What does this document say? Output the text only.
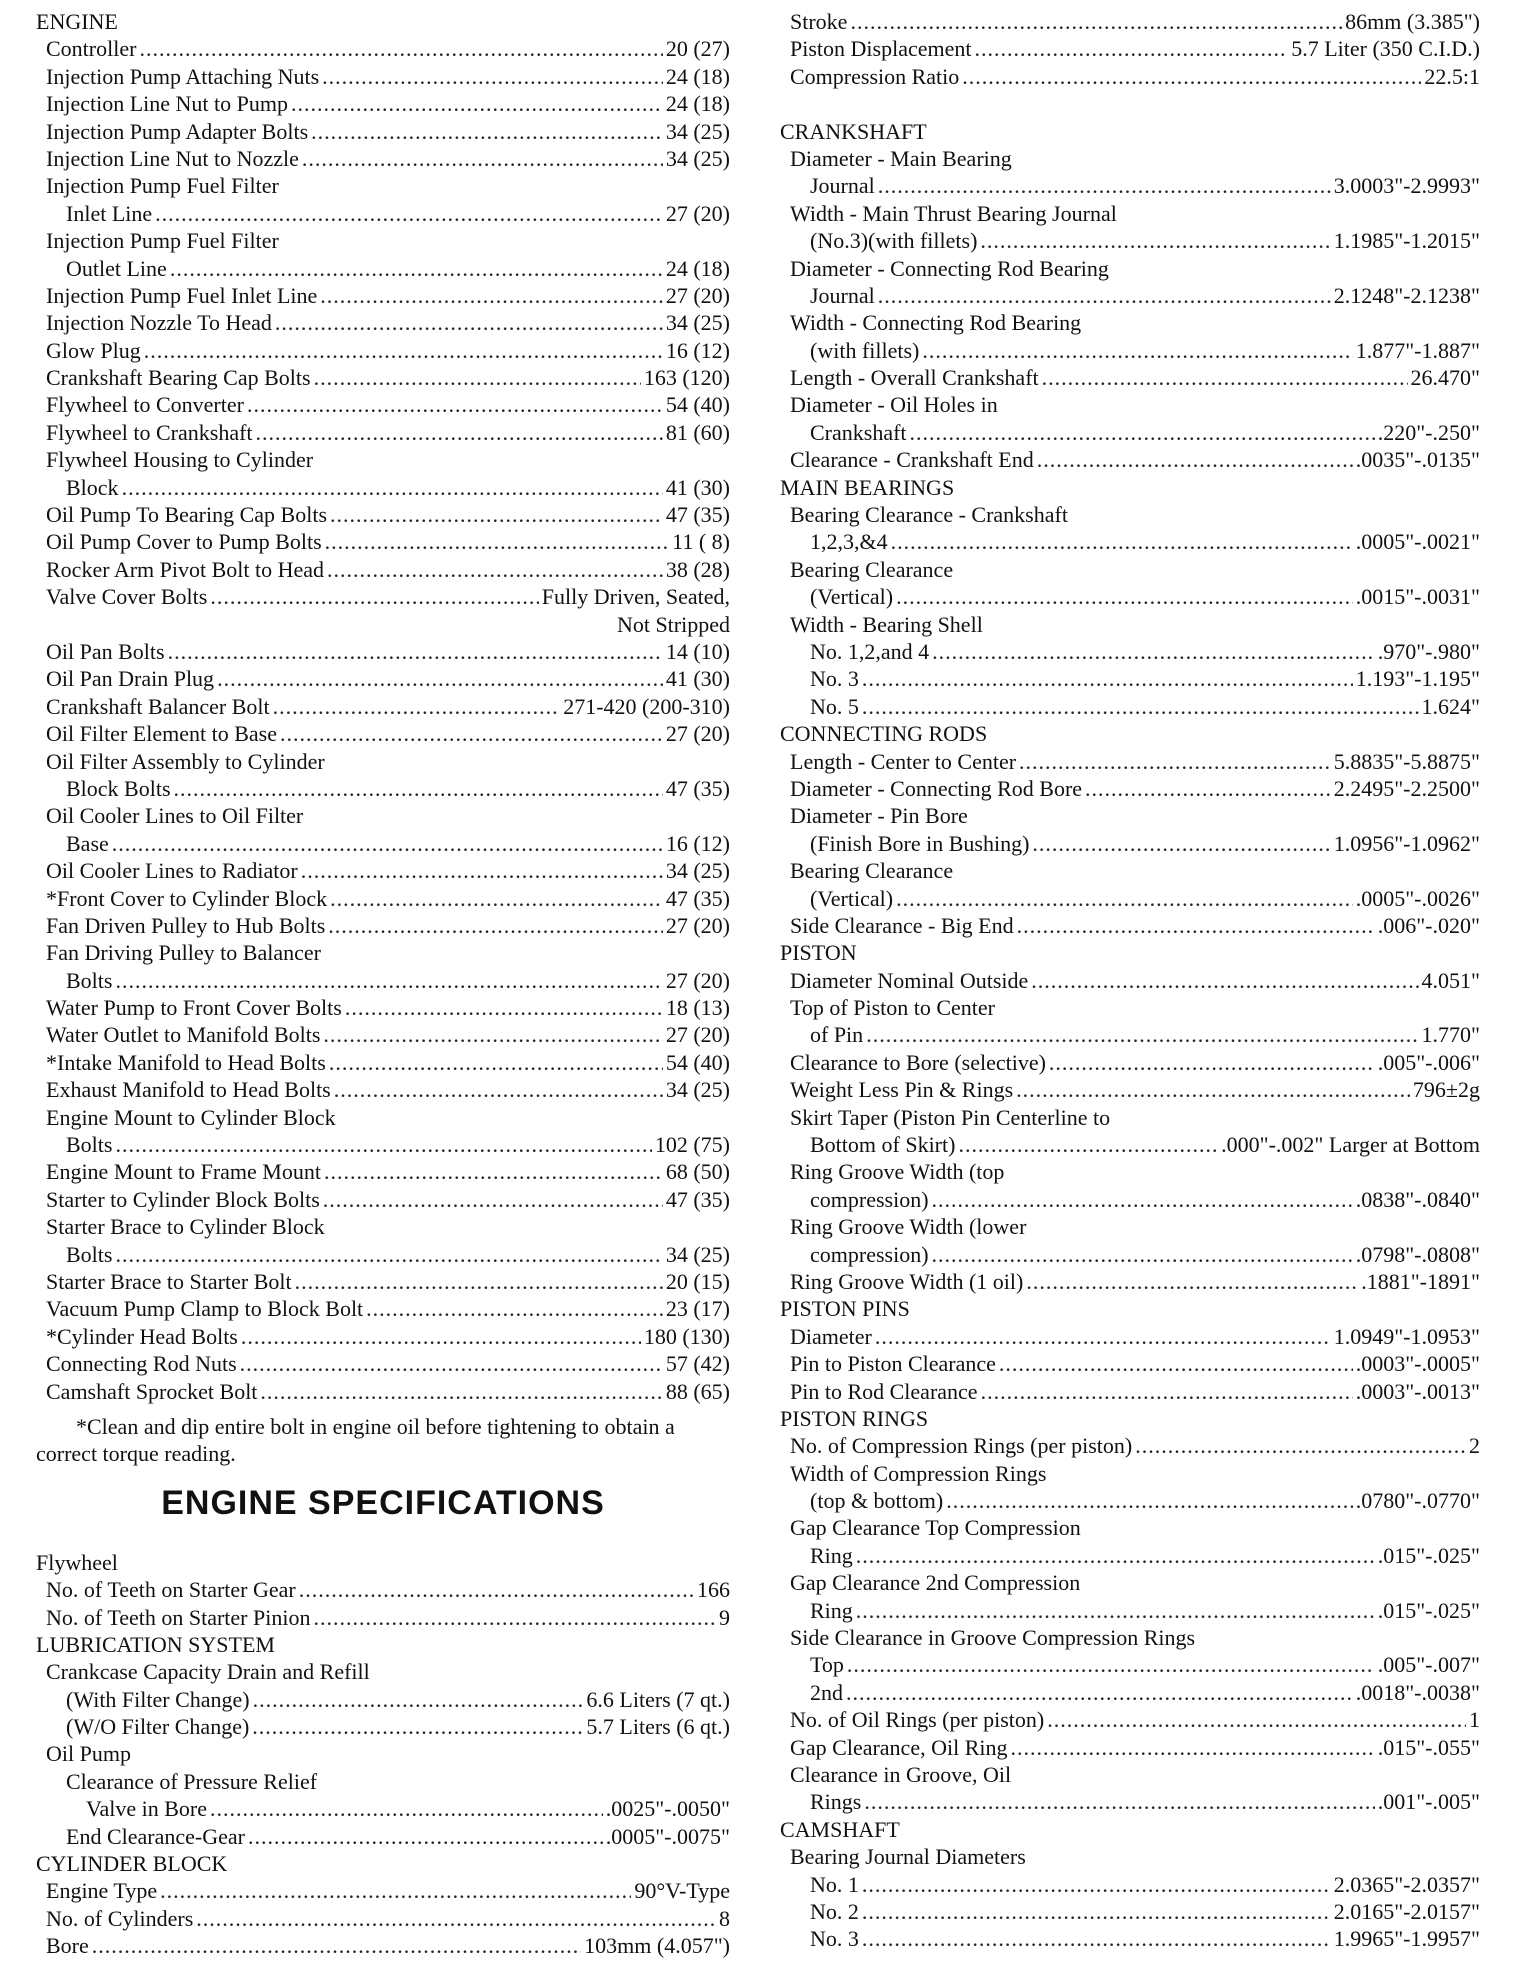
ENGINE
Controller .....	20 (27)
Injection Pump Attaching Nuts .....	24 (18)
Injection Line Nut to Pump .....	24 (18)
Injection Pump Adapter Bolts .....	34 (25)
Injection Line Nut to Nozzle .....	34 (25)
Injection Pump Fuel Filter
Inlet Line .....	27 (20)
Injection Pump Fuel Filter
Outlet Line .....	24 (18)
Injection Pump Fuel Inlet Line .....	27 (20)
Injection Nozzle To Head .....	34 (25)
Glow Plug .....	16 (12)
Crankshaft Bearing Cap Bolts .....	163 (120)
Flywheel to Converter .....	54 (40)
Flywheel to Crankshaft .....	81 (60)
Flywheel Housing to Cylinder
Block .....	41 (30)
Oil Pump To Bearing Cap Bolts .....	47 (35)
Oil Pump Cover to Pump Bolts .....	11 ( 8)
Rocker Arm Pivot Bolt to Head .....	38 (28)
Valve Cover Bolts .....	Fully Driven, Seated,
Not Stripped
Oil Pan Bolts .....	14 (10)
Oil Pan Drain Plug .....	41 (30)
Crankshaft Balancer Bolt .....	271-420 (200-310)
Oil Filter Element to Base .....	27 (20)
Oil Filter Assembly to Cylinder
Block Bolts .....	47 (35)
Oil Cooler Lines to Oil Filter
Base .....	16 (12)
Oil Cooler Lines to Radiator .....	34 (25)
*Front Cover to Cylinder Block .....	47 (35)
Fan Driven Pulley to Hub Bolts .....	27 (20)
Fan Driving Pulley to Balancer
Bolts .....	27 (20)
Water Pump to Front Cover Bolts .....	18 (13)
Water Outlet to Manifold Bolts .....	27 (20)
*Intake Manifold to Head Bolts .....	54 (40)
Exhaust Manifold to Head Bolts .....	34 (25)
Engine Mount to Cylinder Block
Bolts .....	102 (75)
Engine Mount to Frame Mount .....	68 (50)
Starter to Cylinder Block Bolts .....	47 (35)
Starter Brace to Cylinder Block
Bolts .....	34 (25)
Starter Brace to Starter Bolt .....	20 (15)
Vacuum Pump Clamp to Block Bolt .....	23 (17)
*Cylinder Head Bolts .....	180 (130)
Connecting Rod Nuts .....	57 (42)
Camshaft Sprocket Bolt .....	88 (65)
*Clean and dip entire bolt in engine oil before tightening to obtain a correct torque reading.
ENGINE SPECIFICATIONS
Flywheel
No. of Teeth on Starter Gear .....	166
No. of Teeth on Starter Pinion .....	9
LUBRICATION SYSTEM
Crankcase Capacity Drain and Refill
(With Filter Change) .....	6.6 Liters (7 qt.)
(W/O Filter Change) .....	5.7 Liters (6 qt.)
Oil Pump
Clearance of Pressure Relief
Valve in Bore .....	.0025"-.0050"
End Clearance-Gear .....	.0005"-.0075"
CYLINDER BLOCK
Engine Type .....	90°V-Type
No. of Cylinders .....	8
Bore .....	103mm (4.057")
Stroke .....	86mm (3.385")
Piston Displacement .....	5.7 Liter (350 C.I.D.)
Compression Ratio .....	22.5:1
CRANKSHAFT
Diameter - Main Bearing
Journal .....	3.0003"-2.9993"
Width - Main Thrust Bearing Journal
(No.3)(with fillets) .....	1.1985"-1.2015"
Diameter - Connecting Rod Bearing
Journal .....	2.1248"-2.1238"
Width - Connecting Rod Bearing
(with fillets) .....	1.877"-1.887"
Length - Overall Crankshaft .....	26.470"
Diameter - Oil Holes in
Crankshaft .....	.220"-.250"
Clearance - Crankshaft End .....	.0035"-.0135"
MAIN BEARINGS
Bearing Clearance - Crankshaft
1,2,3,&4 .....	.0005"-.0021"
Bearing Clearance
(Vertical) .....	.0015"-.0031"
Width - Bearing Shell
No. 1,2,and 4 .....	.970"-.980"
No. 3 .....	1.193"-1.195"
No. 5 .....	1.624"
CONNECTING RODS
Length - Center to Center .....	5.8835"-5.8875"
Diameter - Connecting Rod Bore .....	2.2495"-2.2500"
Diameter - Pin Bore
(Finish Bore in Bushing) .....	1.0956"-1.0962"
Bearing Clearance
(Vertical) .....	.0005"-.0026"
Side Clearance - Big End .....	.006"-.020"
PISTON
Diameter Nominal Outside .....	4.051"
Top of Piston to Center
of Pin .....	1.770"
Clearance to Bore (selective) .....	.005"-.006"
Weight Less Pin & Rings .....	796±2g
Skirt Taper (Piston Pin Centerline to
Bottom of Skirt) .....	.000"-.002" Larger at Bottom
Ring Groove Width (top
compression) .....	.0838"-.0840"
Ring Groove Width (lower
compression) .....	.0798"-.0808"
Ring Groove Width (1 oil) .....	.1881"-1891"
PISTON PINS
Diameter .....	1.0949"-1.0953"
Pin to Piston Clearance .....	.0003"-.0005"
Pin to Rod Clearance .....	.0003"-.0013"
PISTON RINGS
No. of Compression Rings (per piston) .....	2
Width of Compression Rings
(top & bottom) .....	.0780"-.0770"
Gap Clearance Top Compression
Ring .....	.015"-.025"
Gap Clearance 2nd Compression
Ring .....	.015"-.025"
Side Clearance in Groove Compression Rings
Top .....	.005"-.007"
2nd .....	.0018"-.0038"
No. of Oil Rings (per piston) .....	1
Gap Clearance, Oil Ring .....	.015"-.055"
Clearance in Groove, Oil
Rings .....	.001"-.005"
CAMSHAFT
Bearing Journal Diameters
No. 1 .....	2.0365"-2.0357"
No. 2 .....	2.0165"-2.0157"
No. 3 .....	1.9965"-1.9957"
